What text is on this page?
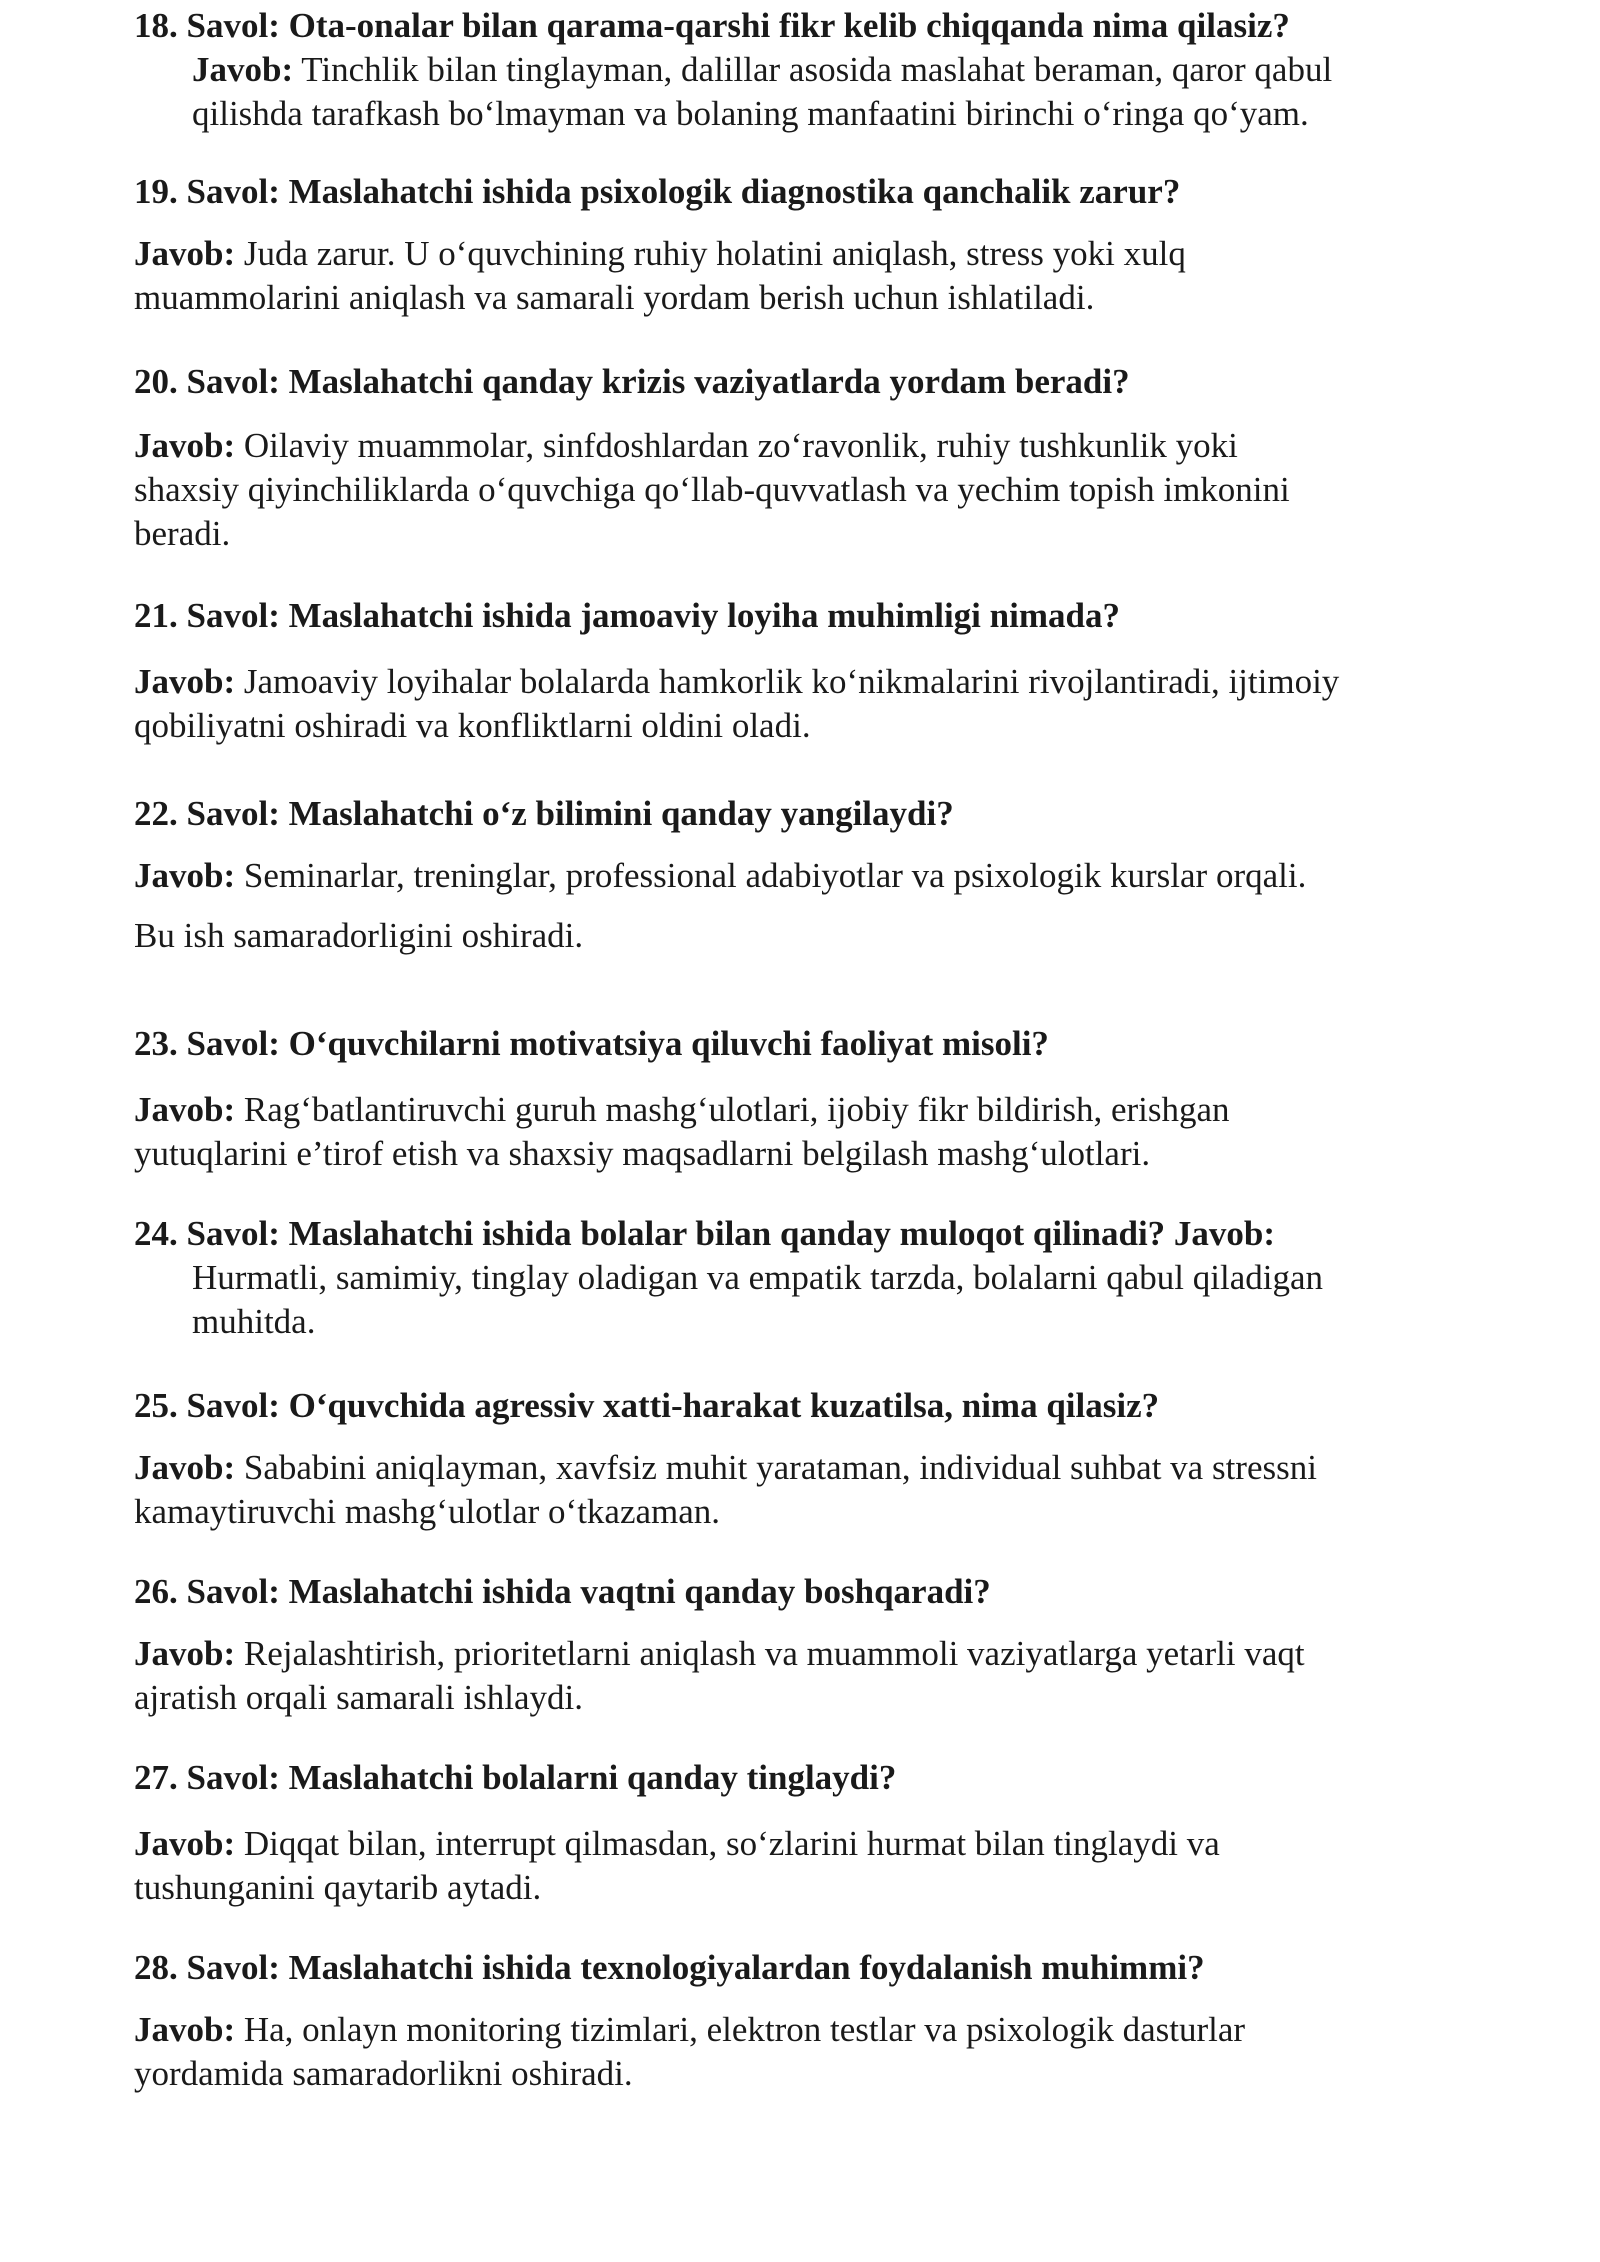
18. Savol: Ota-onalar bilan qarama-qarshi fikr kelib chiqqanda nima qilasiz?
Javob: Tinchlik bilan tinglayman, dalillar asosida maslahat beraman, qaror qabul
qilishda tarafkash bo‘lmayman va bolaning manfaatini birinchi o‘ringa qo‘yam.
19. Savol: Maslahatchi ishida psixologik diagnostika qanchalik zarur?
Javob: Juda zarur. U o‘quvchining ruhiy holatini aniqlash, stress yoki xulq
muammolarini aniqlash va samarali yordam berish uchun ishlatiladi.
20. Savol: Maslahatchi qanday krizis vaziyatlarda yordam beradi?
Javob: Oilaviy muammolar, sinfdoshlardan zo‘ravonlik, ruhiy tushkunlik yoki
shaxsiy qiyinchiliklarda o‘quvchiga qo‘llab-quvvatlash va yechim topish imkonini
beradi.
21. Savol: Maslahatchi ishida jamoaviy loyiha muhimligi nimada?
Javob: Jamoaviy loyihalar bolalarda hamkorlik ko‘nikmalarini rivojlantiradi, ijtimoiy
qobiliyatni oshiradi va konfliktlarni oldini oladi.
22. Savol: Maslahatchi o‘z bilimini qanday yangilaydi?
Javob: Seminarlar, treninglar, professional adabiyotlar va psixologik kurslar orqali.
Bu ish samaradorligini oshiradi.
23. Savol: O‘quvchilarni motivatsiya qiluvchi faoliyat misoli?
Javob: Rag‘batlantiruvchi guruh mashg‘ulotlari, ijobiy fikr bildirish, erishgan
yutuqlarini e’tirof etish va shaxsiy maqsadlarni belgilash mashg‘ulotlari.
24. Savol: Maslahatchi ishida bolalar bilan qanday muloqot qilinadi? Javob:
Hurmatli, samimiy, tinglay oladigan va empatik tarzda, bolalarni qabul qiladigan
muhitda.
25. Savol: O‘quvchida agressiv xatti-harakat kuzatilsa, nima qilasiz?
Javob: Sababini aniqlayman, xavfsiz muhit yarataman, individual suhbat va stressni
kamaytiruvchi mashg‘ulotlar o‘tkazaman.
26. Savol: Maslahatchi ishida vaqtni qanday boshqaradi?
Javob: Rejalashtirish, prioritetlarni aniqlash va muammoli vaziyatlarga yetarli vaqt
ajratish orqali samarali ishlaydi.
27. Savol: Maslahatchi bolalarni qanday tinglaydi?
Javob: Diqqat bilan, interrupt qilmasdan, so‘zlarini hurmat bilan tinglaydi va
tushunganini qaytarib aytadi.
28. Savol: Maslahatchi ishida texnologiyalardan foydalanish muhimmi?
Javob: Ha, onlayn monitoring tizimlari, elektron testlar va psixologik dasturlar
yordamida samaradorlikni oshiradi.
